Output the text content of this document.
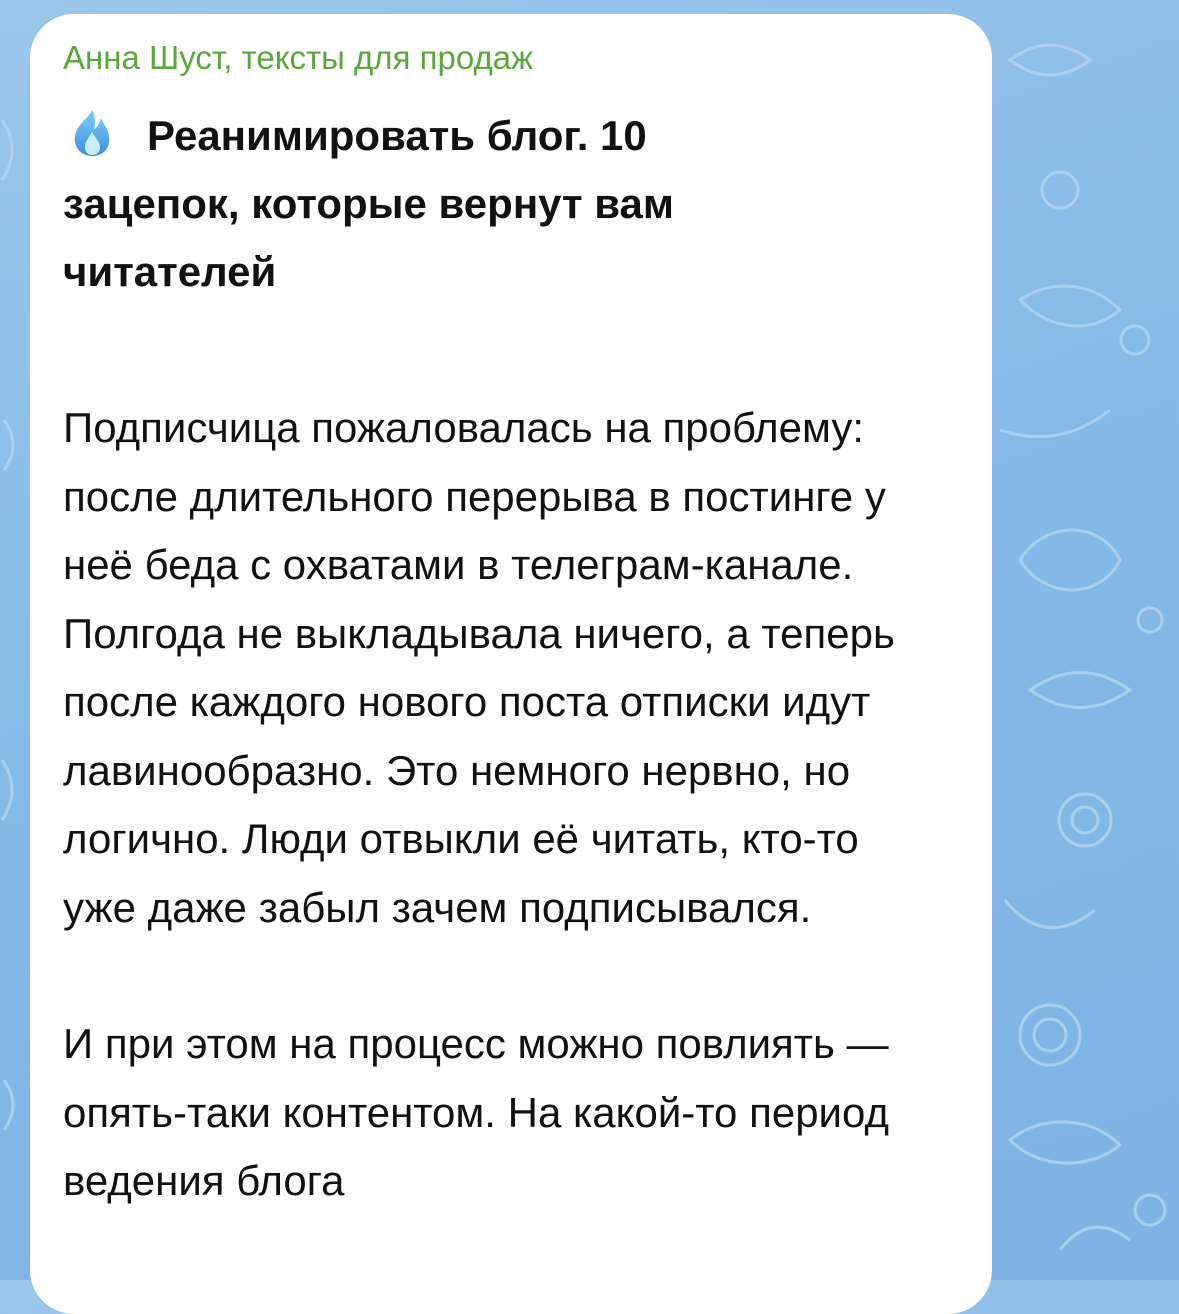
Анна Шуст, тексты для продаж
Реанимировать блог. 10 зацепок, которые вернут вам читателей

Подписчица пожаловалась на проблему: после длительного перерыва в постинге у неё беда с охватами в телеграм-канале. Полгода не выкладывала ничего, а теперь после каждого нового поста отписки идут лавинообразно. Это немного нервно, но логично. Люди отвыкли её читать, кто-то уже даже забыл зачем подписывался.

И при этом на процесс можно повлиять — опять-таки контентом. На какой-то период ведения блога
